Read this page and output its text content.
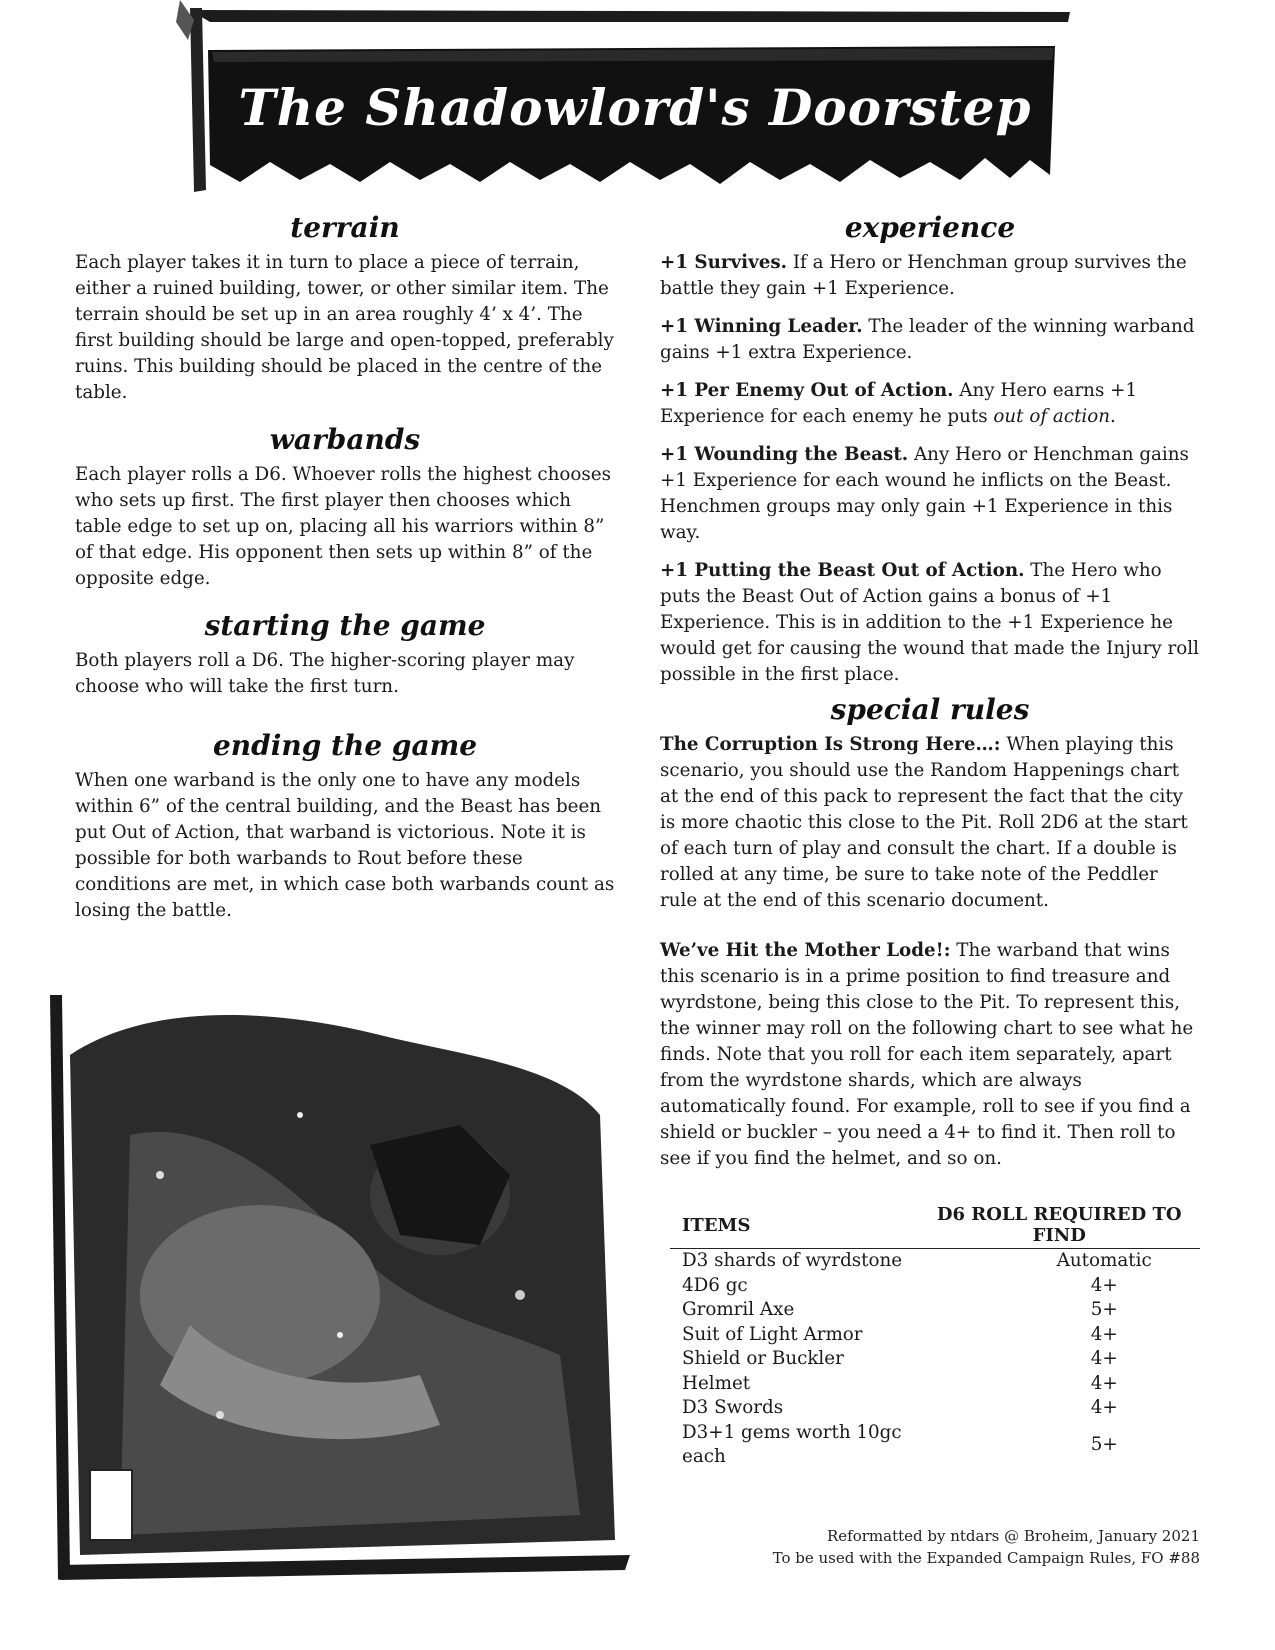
The Shadowlord's Doorstep
terrain

Each player takes it in turn to place a piece of terrain, either a ruined building, tower, or other similar item. The terrain should be set up in an area roughly 4’ x 4’. The first building should be large and open-topped, preferably ruins. This building should be placed in the centre of the table.

warbands

Each player rolls a D6. Whoever rolls the highest chooses who sets up first. The first player then chooses which table edge to set up on, placing all his warriors within 8” of that edge. His opponent then sets up within 8” of the opposite edge.

starting the game

Both players roll a D6. The higher-scoring player may choose who will take the first turn.

ending the game

When one warband is the only one to have any models within 6” of the central building, and the Beast has been put Out of Action, that warband is victorious. Note it is possible for both warbands to Rout before these conditions are met, in which case both warbands count as losing the battle.

experience

+1 Survives. If a Hero or Henchman group survives the battle they gain +1 Experience.

+1 Winning Leader. The leader of the winning warband gains +1 extra Experience.

+1 Per Enemy Out of Action. Any Hero earns +1 Experience for each enemy he puts out of action.

+1 Wounding the Beast. Any Hero or Henchman gains +1 Experience for each wound he inflicts on the Beast. Henchmen groups may only gain +1 Experience in this way.

+1 Putting the Beast Out of Action. The Hero who puts the Beast Out of Action gains a bonus of +1 Experience. This is in addition to the +1 Experience he would get for causing the wound that made the Injury roll possible in the first place.

special rules

The Corruption Is Strong Here…: When playing this scenario, you should use the Random Happenings chart at the end of this pack to represent the fact that the city is more chaotic this close to the Pit. Roll 2D6 at the start of each turn of play and consult the chart. If a double is rolled at any time, be sure to take note of the Peddler rule at the end of this scenario document.

We’ve Hit the Mother Lode!: The warband that wins this scenario is in a prime position to find treasure and wyrdstone, being this close to the Pit. To represent this, the winner may roll on the following chart to see what he finds. Note that you roll for each item separately, apart from the wyrdstone shards, which are always automatically found. For example, roll to see if you find a shield or buckler – you need a 4+ to find it. Then roll to see if you find the helmet, and so on.

ITEMS	D6 ROLL REQUIRED TO FIND
D3 shards of wyrdstone	Automatic
4D6 gc	4+
Gromril Axe	5+
Suit of Light Armor	4+
Shield or Buckler	4+
Helmet	4+
D3 Swords	4+
D3+1 gems worth 10gc each	5+
Reformatted by ntdars @ Broheim, January 2021
To be used with the Expanded Campaign Rules, FO #88
